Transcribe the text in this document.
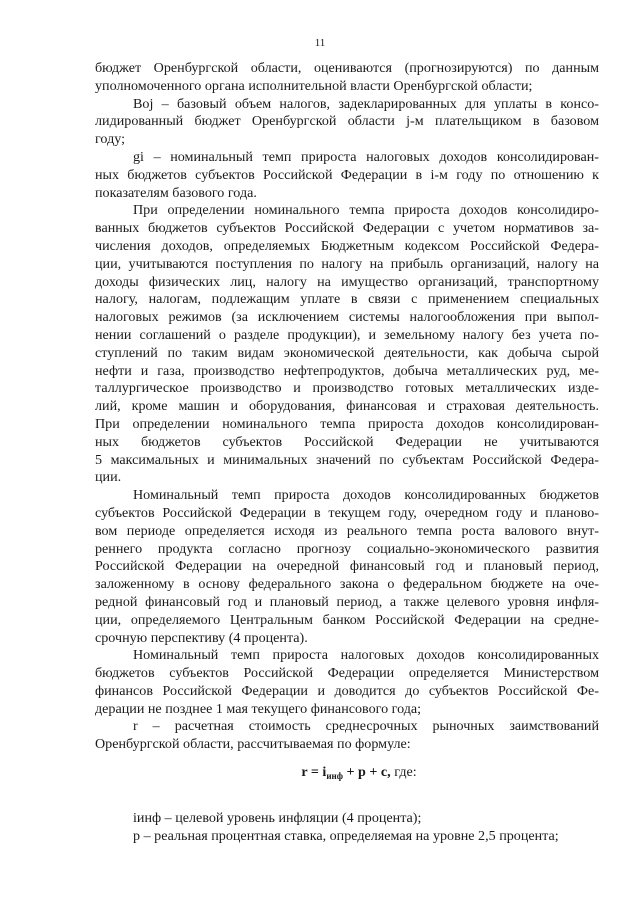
11
бюджет Оренбургской области, оцениваются (прогнозируются) по данным
уполномоченного органа исполнительной власти Оренбургской области;
Boj – базовый объем налогов, задекларированных для уплаты в консо-
лидированный бюджет Оренбургской области j-м плательщиком в базовом
году;
gi – номинальный темп прироста налоговых доходов консолидирован-
ных бюджетов субъектов Российской Федерации в i-м году по отношению к
показателям базового года.
При определении номинального темпа прироста доходов консолидиро-
ванных бюджетов субъектов Российской Федерации с учетом нормативов за-
числения доходов, определяемых Бюджетным кодексом Российской Федера-
ции, учитываются поступления по налогу на прибыль организаций, налогу на
доходы физических лиц, налогу на имущество организаций, транспортному
налогу, налогам, подлежащим уплате в связи с применением специальных
налоговых режимов (за исключением системы налогообложения при выпол-
нении соглашений о разделе продукции), и земельному налогу без учета по-
ступлений по таким видам экономической деятельности, как добыча сырой
нефти и газа, производство нефтепродуктов, добыча металлических руд, ме-
таллургическое производство и производство готовых металлических изде-
лий, кроме машин и оборудования, финансовая и страховая деятельность.
При определении номинального темпа прироста доходов консолидирован-
ных бюджетов субъектов Российской Федерации не учитываются
5 максимальных и минимальных значений по субъектам Российской Федера-
ции.
Номинальный темп прироста доходов консолидированных бюджетов
субъектов Российской Федерации в текущем году, очередном году и планово-
вом периоде определяется исходя из реального темпа роста валового внут-
реннего продукта согласно прогнозу социально-экономического развития
Российской Федерации на очередной финансовый год и плановый период,
заложенному в основу федерального закона о федеральном бюджете на оче-
редной финансовый год и плановый период, а также целевого уровня инфля-
ции, определяемого Центральным банком Российской Федерации на средне-
срочную перспективу (4 процента).
Номинальный темп прироста налоговых доходов консолидированных
бюджетов субъектов Российской Федерации определяется Министерством
финансов Российской Федерации и доводится до субъектов Российской Фе-
дерации не позднее 1 мая текущего финансового года;
r – расчетная стоимость среднесрочных рыночных заимствований
Оренбургской области, рассчитываемая по формуле:
$r = i_{инф} + p + c$, где:
iинф – целевой уровень инфляции (4 процента);
p – реальная процентная ставка, определяемая на уровне 2,5 процента;
